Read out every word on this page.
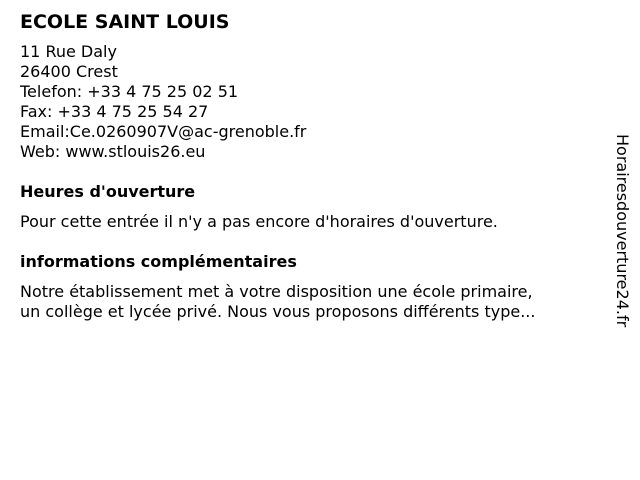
ECOLE SAINT LOUIS
11 Rue Daly
26400 Crest
Telefon: +33 4 75 25 02 51
Fax: +33 4 75 25 54 27
Email:Ce.0260907V@ac-grenoble.fr
Web: www.stlouis26.eu
Heures d'ouverture
Pour cette entrée il n'y a pas encore d'horaires d'ouverture.
informations complémentaires
Notre établissement met à votre disposition une école primaire,
un collège et lycée privé. Nous vous proposons différents type...	Horairesdouverture24.fr
